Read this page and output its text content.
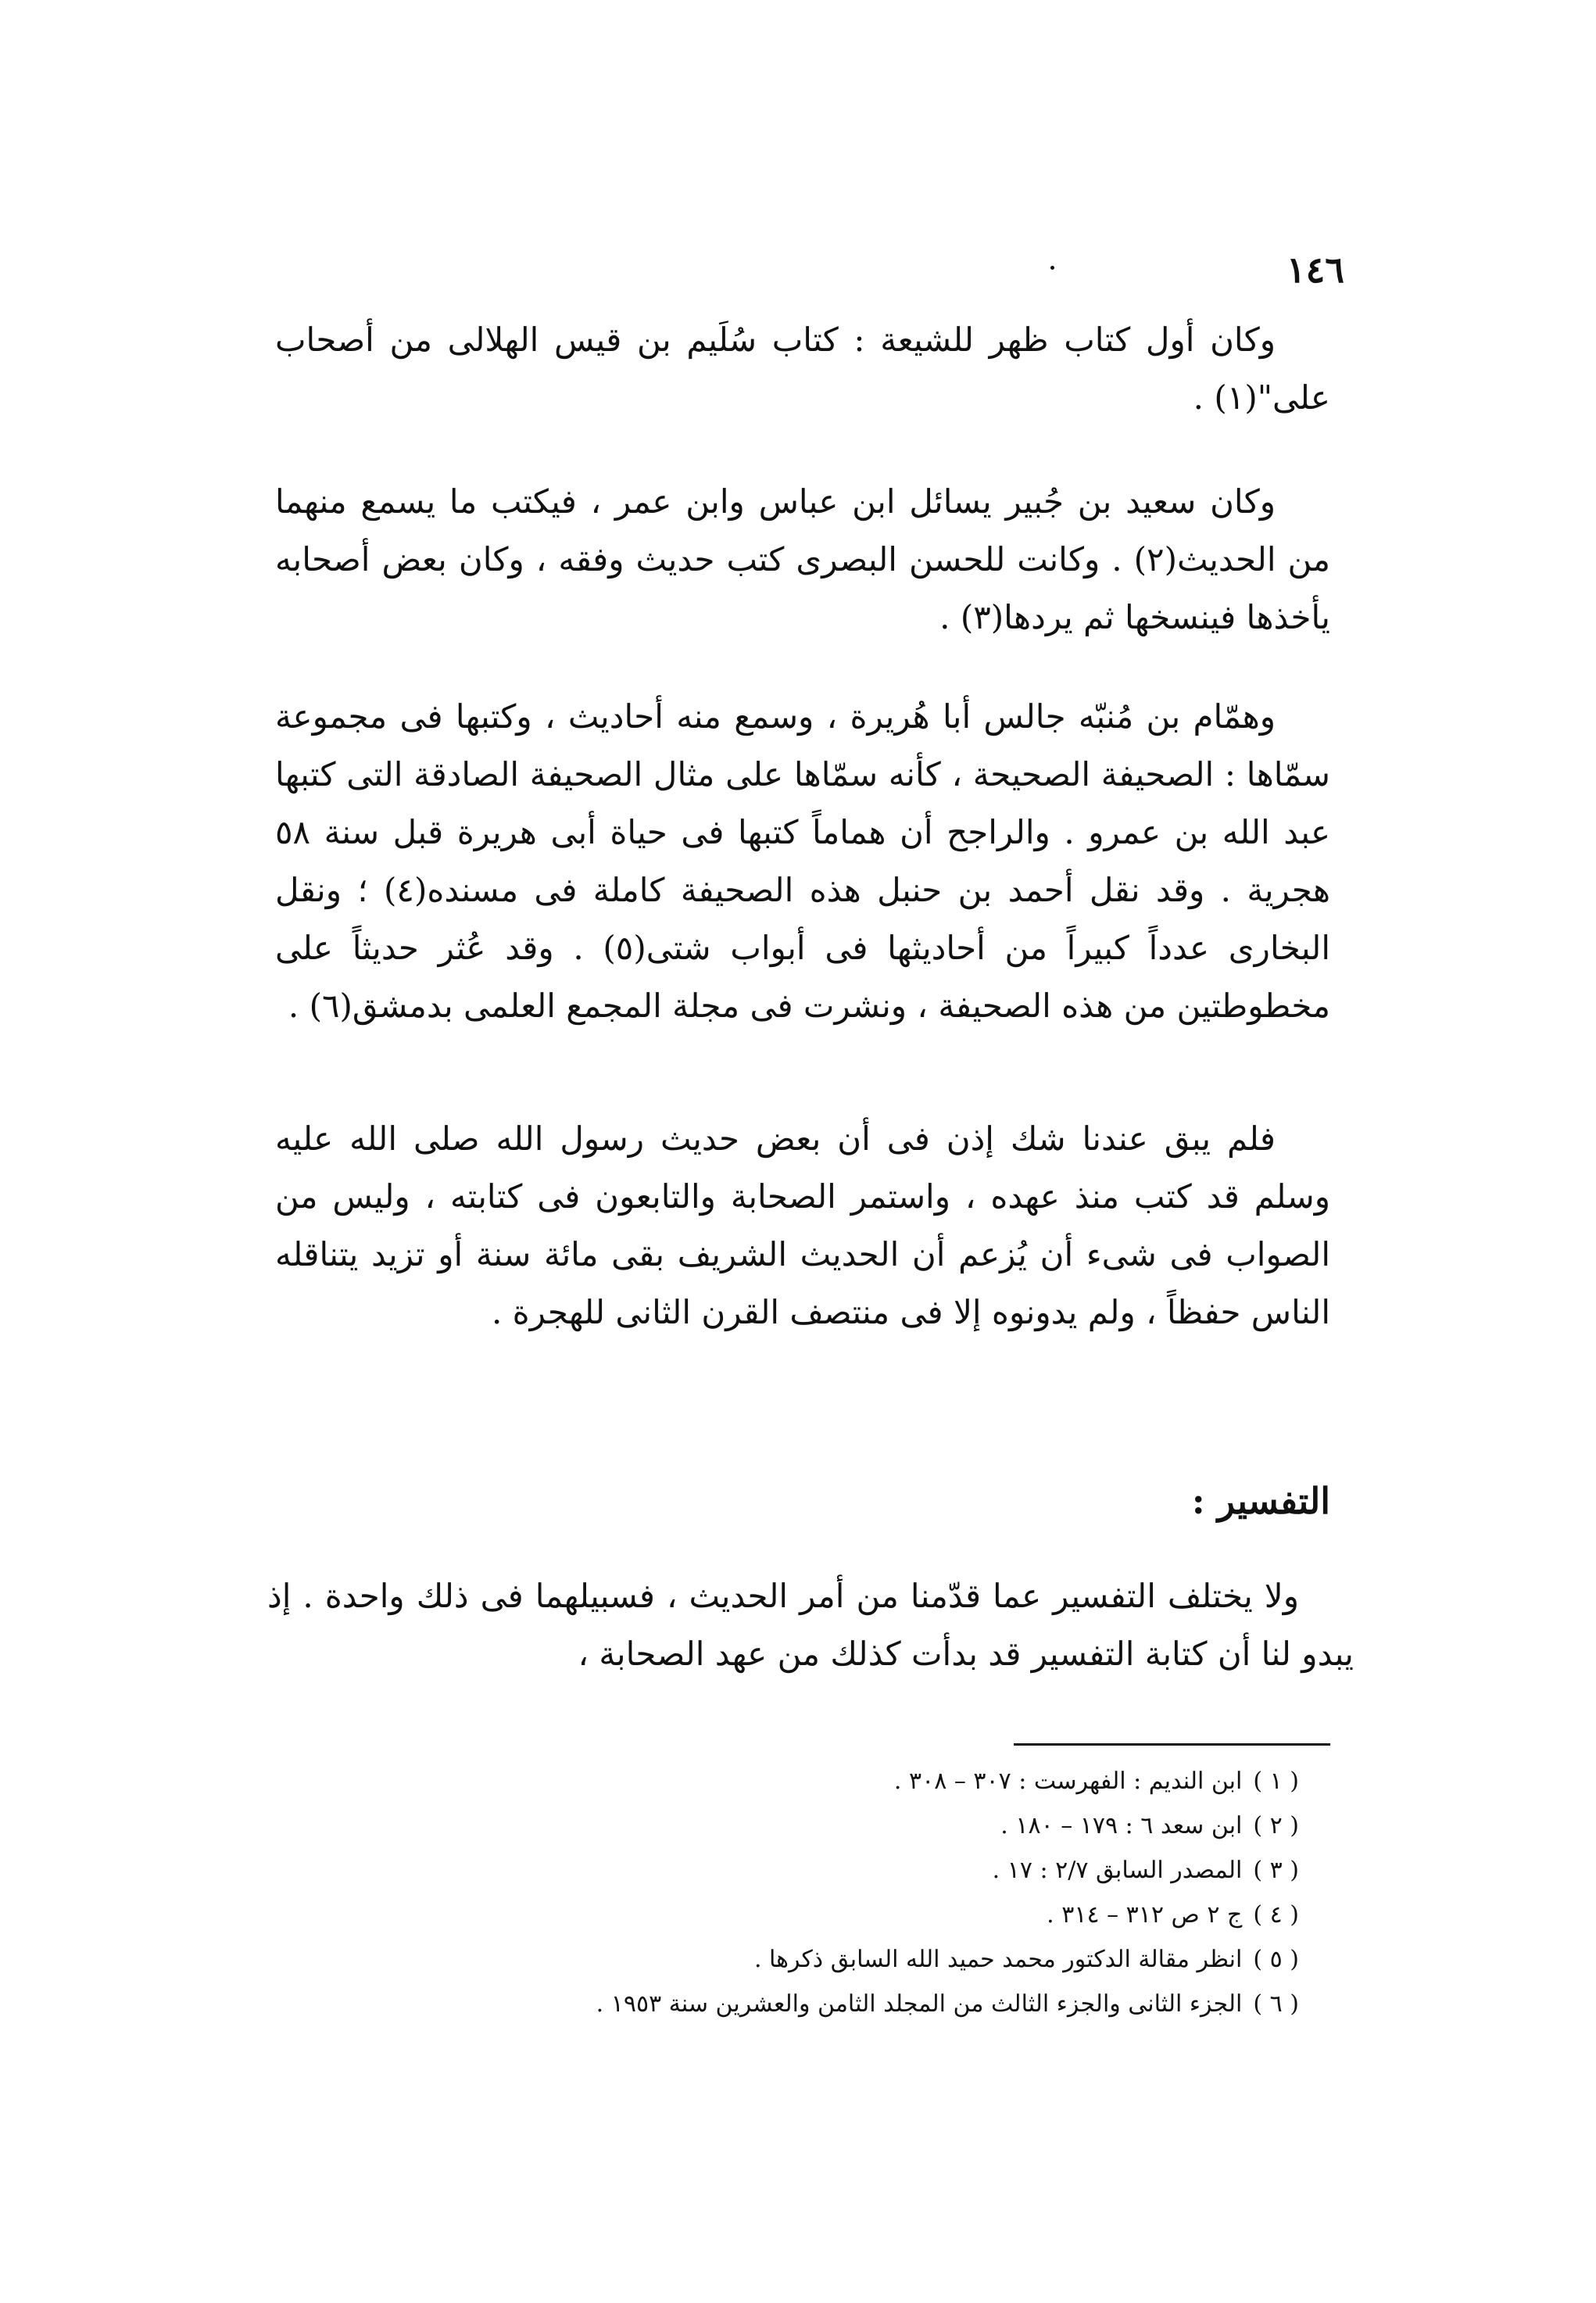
١٤٦

وكان أول كتاب ظهر للشيعة : كتاب سُلَيم بن قيس الهلالى من أصحاب على"(١) .

وكان سعيد بن جُبير يسائل ابن عباس وابن عمر ، فيكتب ما يسمع منهما من الحديث(٢) . وكانت للحسن البصرى كتب حديث وفقه ، وكان بعض أصحابه يأخذها فينسخها ثم يردها(٣) .

وهمّام بن مُنبّه جالس أبا هُريرة ، وسمع منه أحاديث ، وكتبها فى مجموعة سمّاها : الصحيفة الصحيحة ، كأنه سمّاها على مثال الصحيفة الصادقة التى كتبها عبد الله بن عمرو . والراجح أن هماماً كتبها فى حياة أبى هريرة قبل سنة ٥٨ هجرية . وقد نقل أحمد بن حنبل هذه الصحيفة كاملة فى مسنده(٤) ؛ ونقل البخارى عدداً كبيراً من أحاديثها فى أبواب شتى(٥) . وقد عُثر حديثاً على مخطوطتين من هذه الصحيفة ، ونشرت فى مجلة المجمع العلمى بدمشق(٦) .

فلم يبق عندنا شك إذن فى أن بعض حديث رسول الله صلى الله عليه وسلم قد كتب منذ عهده ، واستمر الصحابة والتابعون فى كتابته ، وليس من الصواب فى شىء أن يُزعم أن الحديث الشريف بقى مائة سنة أو تزيد يتناقله الناس حفظاً ، ولم يدونوه إلا فى منتصف القرن الثانى للهجرة .

التفسير :

ولا يختلف التفسير عما قدّمنا من أمر الحديث ، فسبيلهما فى ذلك واحدة . إذ يبدو لنا أن كتابة التفسير قد بدأت كذلك من عهد الصحابة ،

( ١ )ابن النديم : الفهرست : ٣٠٧ – ٣٠٨ .
( ٢ )ابن سعد ٦ : ١٧٩ – ١٨٠ .
( ٣ )المصدر السابق ٢/٧ : ١٧ .
( ٤ )ج ٢ ص ٣١٢ – ٣١٤ .
( ٥ )انظر مقالة الدكتور محمد حميد الله السابق ذكرها .
( ٦ )الجزء الثانى والجزء الثالث من المجلد الثامن والعشرين سنة ١٩٥٣ .
